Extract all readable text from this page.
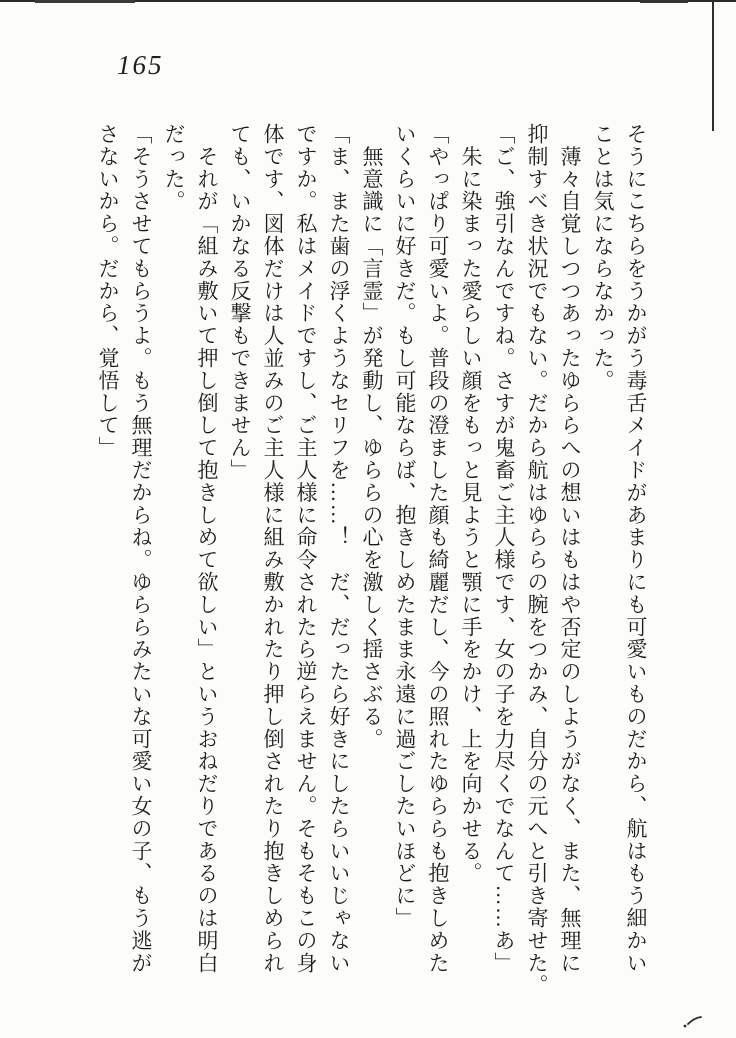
165

そうにこちらをうかがう毒舌メイドがあまりにも可愛いものだから、航はもう細かい

ことは気にならなかった。

　薄々自覚しつつあったゆららへの想いはもはや否定のしようがなく、また、無理に

抑制すべき状況でもない。だから航はゆららの腕をつかみ、自分の元へと引き寄せた。

「ご、強引なんですね。さすが鬼畜ご主人様です、女の子を力尽くでなんて……あ」

　朱に染まった愛らしい顔をもっと見ようと顎に手をかけ、上を向かせる。

「やっぱり可愛いよ。普段の澄ました顔も綺麗だし、今の照れたゆららも抱きしめた

いくらいに好きだ。もし可能ならば、抱きしめたまま永遠に過ごしたいほどに」

　無意識に「言霊」が発動し、ゆららの心を激しく揺さぶる。

「ま、また歯の浮くようなセリフを……！　だ、だったら好きにしたらいいじゃない

ですか。私はメイドですし、ご主人様に命令されたら逆らえません。そもそもこの身

体です、図体だけは人並みのご主人様に組み敷かれたり押し倒されたり抱きしめられ

ても、いかなる反撃もできません」

　それが「組み敷いて押し倒して抱きしめて欲しい」というおねだりであるのは明白

だった。

「そうさせてもらうよ。もう無理だからね。ゆららみたいな可愛い女の子、もう逃が

さないから。だから、覚悟して」
